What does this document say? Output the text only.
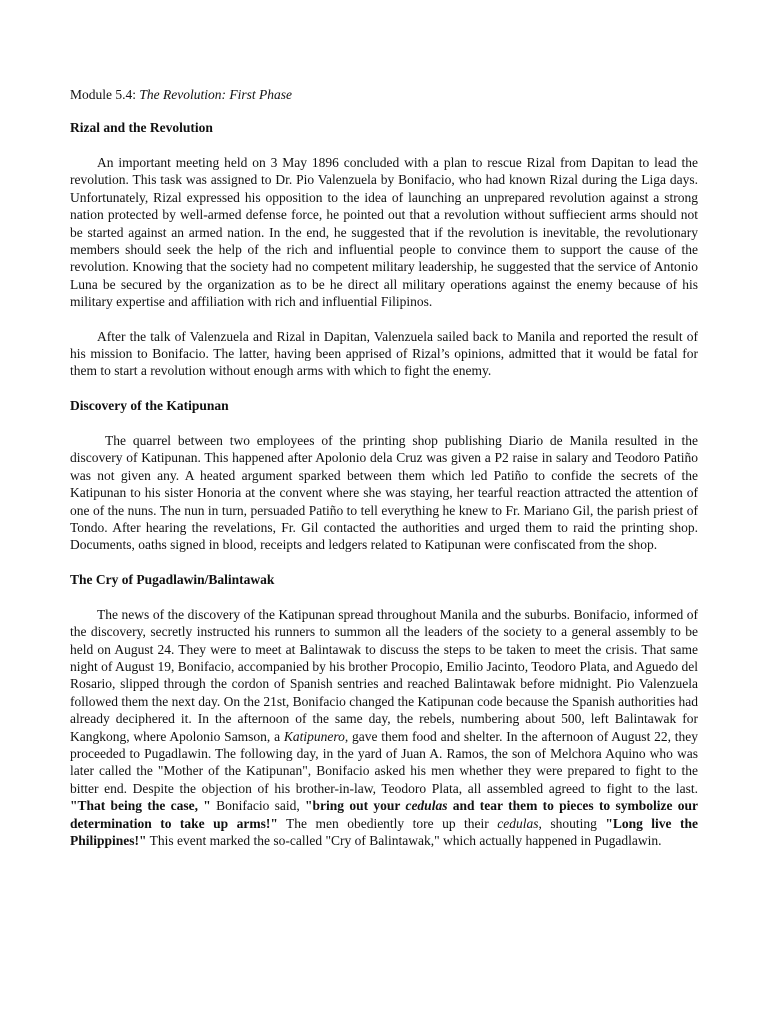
Module 5.4: The Revolution: First Phase
Rizal and the Revolution

An important meeting held on 3 May 1896 concluded with a plan to rescue Rizal from Dapitan to lead the revolution. This task was assigned to Dr. Pio Valenzuela by Bonifacio, who had known Rizal during the Liga days. Unfortunately, Rizal expressed his opposition to the idea of launching an unprepared revolution against a strong nation protected by well-armed defense force, he pointed out that a revolution without suffiecient arms should not be started against an armed nation. In the end, he suggested that if the revolution is inevitable, the revolutionary members should seek the help of the rich and influential people to convince them to support the cause of the revolution. Knowing that the society had no competent military leadership, he suggested that the service of Antonio Luna be secured by the organization as to be he direct all military operations against the enemy because of his military expertise and affiliation with rich and influential Filipinos.

After the talk of Valenzuela and Rizal in Dapitan, Valenzuela sailed back to Manila and reported the result of his mission to Bonifacio. The latter, having been apprised of Rizal’s opinions, admitted that it would be fatal for them to start a revolution without enough arms with which to fight the enemy.

Discovery of the Katipunan

The quarrel between two employees of the printing shop publishing Diario de Manila resulted in the discovery of Katipunan. This happened after Apolonio dela Cruz was given a P2 raise in salary and Teodoro Patiño was not given any. A heated argument sparked between them which led Patiño to confide the secrets of the Katipunan to his sister Honoria at the convent where she was staying, her tearful reaction attracted the attention of one of the nuns. The nun in turn, persuaded Patiño to tell everything he knew to Fr. Mariano Gil, the parish priest of Tondo. After hearing the revelations, Fr. Gil contacted the authorities and urged them to raid the printing shop. Documents, oaths signed in blood, receipts and ledgers related to Katipunan were confiscated from the shop.

The Cry of Pugadlawin/Balintawak

The news of the discovery of the Katipunan spread throughout Manila and the suburbs. Bonifacio, informed of the discovery, secretly instructed his runners to summon all the leaders of the society to a general assembly to be held on August 24. They were to meet at Balintawak to discuss the steps to be taken to meet the crisis. That same night of August 19, Bonifacio, accompanied by his brother Procopio, Emilio Jacinto, Teodoro Plata, and Aguedo del Rosario, slipped through the cordon of Spanish sentries and reached Balintawak before midnight. Pio Valenzuela followed them the next day. On the 21st, Bonifacio changed the Katipunan code because the Spanish authorities had already deciphered it. In the afternoon of the same day, the rebels, numbering about 500, left Balintawak for Kangkong, where Apolonio Samson, a Katipunero, gave them food and shelter. In the afternoon of August 22, they proceeded to Pugadlawin. The following day, in the yard of Juan A. Ramos, the son of Melchora Aquino who was later called the "Mother of the Katipunan", Bonifacio asked his men whether they were prepared to fight to the bitter end. Despite the objection of his brother-in-law, Teodoro Plata, all assembled agreed to fight to the last. "That being the case, " Bonifacio said, "bring out your cedulas and tear them to pieces to symbolize our determination to take up arms!" The men obediently tore up their cedulas, shouting "Long live the Philippines!" This event marked the so-called "Cry of Balintawak," which actually happened in Pugadlawin.
